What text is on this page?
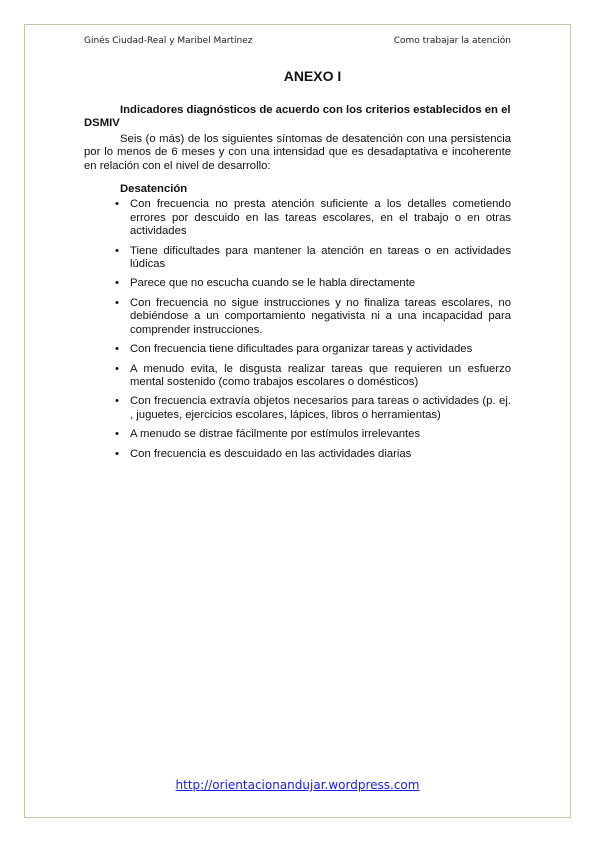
Ginés Ciudad-Real y Maribel Martínez	Como trabajar la atención
ANEXO I

Indicadores diagnósticos de acuerdo con los criterios establecidos en el DSMIV

Seis (o más) de los siguientes síntomas de desatención con una persistencia por lo menos de 6 meses y con una intensidad que es desadaptativa e incoherente en relación con el nivel de desarrollo:

Desatención
• Con frecuencia no presta atención suficiente a los detalles cometiendo errores por descuido en las tareas escolares, en el trabajo o en otras actividades
• Tiene dificultades para mantener la atención en tareas o en actividades lúdicas
• Parece que no escucha cuando se le habla directamente
• Con frecuencia no sigue instrucciones y no finaliza tareas escolares, no debiéndose a un comportamiento negativista ni a una incapacidad para comprender instrucciones.
• Con frecuencia tiene dificultades para organizar tareas y actividades
• A menudo evita, le disgusta realizar tareas que requieren un esfuerzo mental sostenido (como trabajos escolares o domésticos)
• Con frecuencia extravía objetos necesarios para tareas o actividades (p. ej. , juguetes, ejercicios escolares, lápices, libros o herramientas)
• A menudo se distrae fácilmente por estímulos irrelevantes
• Con frecuencia es descuidado en las actividades diarias
http://orientacionandujar.wordpress.com
